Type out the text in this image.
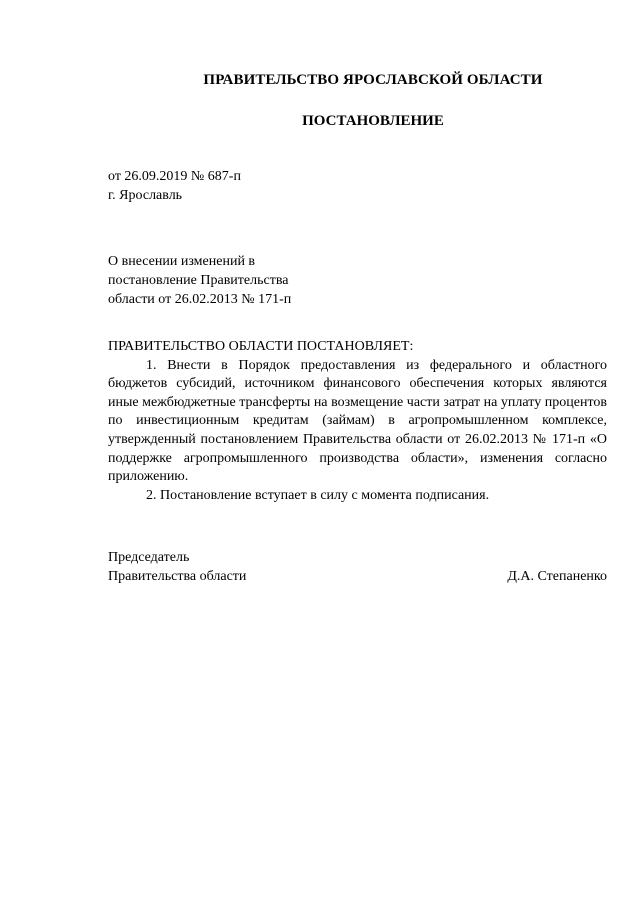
ПРАВИТЕЛЬСТВО ЯРОСЛАВСКОЙ ОБЛАСТИ
ПОСТАНОВЛЕНИЕ
от 26.09.2019 № 687-п
г. Ярославль
О внесении изменений в
постановление Правительства
области от 26.02.2013 № 171-п
ПРАВИТЕЛЬСТВО ОБЛАСТИ ПОСТАНОВЛЯЕТ:

1. Внести в Порядок предоставления из федерального и областного бюджетов субсидий, источником финансового обеспечения которых являются иные межбюджетные трансферты на возмещение части затрат на уплату процентов по инвестиционным кредитам (займам) в агропромышленном комплексе, утвержденный постановлением Правительства области от 26.02.2013 № 171-п «О поддержке агропромышленного производства области», изменения согласно приложению.

2. Постановление вступает в силу с момента подписания.

Председатель
Правительства области	Д.А. Степаненко
